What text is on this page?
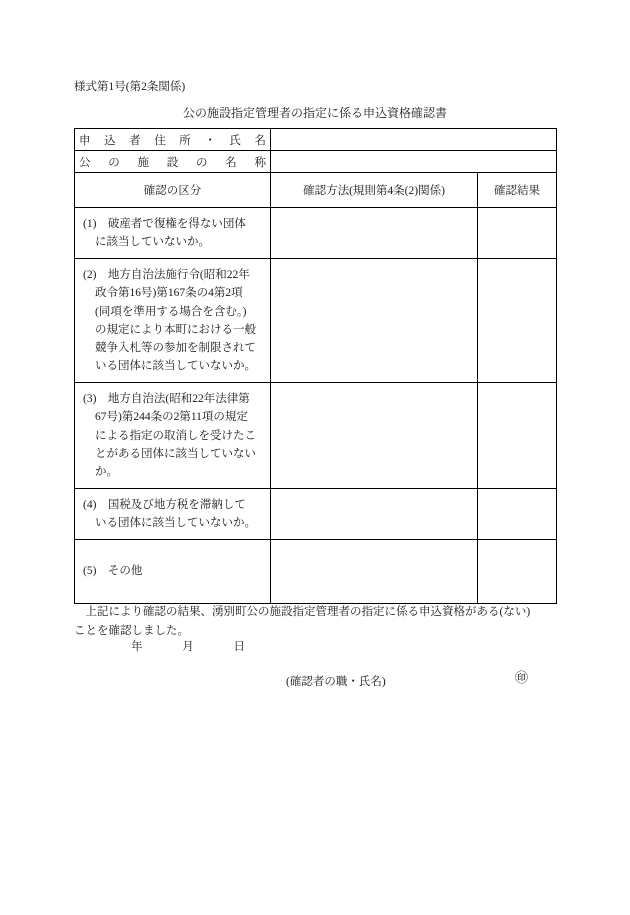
様式第1号(第2条関係)
公の施設指定管理者の指定に係る申込資格確認書
申込者住所・氏名		

公の施設の名称		

確認の区分	確認方法(規則第4条(2)関係)	確認結果

(1)　破産者で復権を得ない団体
に該当していないか。		

(2)　地方自治法施行令(昭和22年
政令第16号)第167条の4第2項
(同項を準用する場合を含む。)
の規定により本町における一般
競争入札等の参加を制限されて
いる団体に該当していないか。

(3)　地方自治法(昭和22年法律第
67号)第244条の2第11項の規定
による指定の取消しを受けたこ
とがある団体に該当していない
か。		

(4)　国税及び地方税を滞納して
いる団体に該当していないか。		

(5)　その他		

　上記により確認の結果、湧別町公の施設指定管理者の指定に係る申込資格がある(ない)
ことを確認しました。
年	月	日
(確認者の職・氏名)	㊞
